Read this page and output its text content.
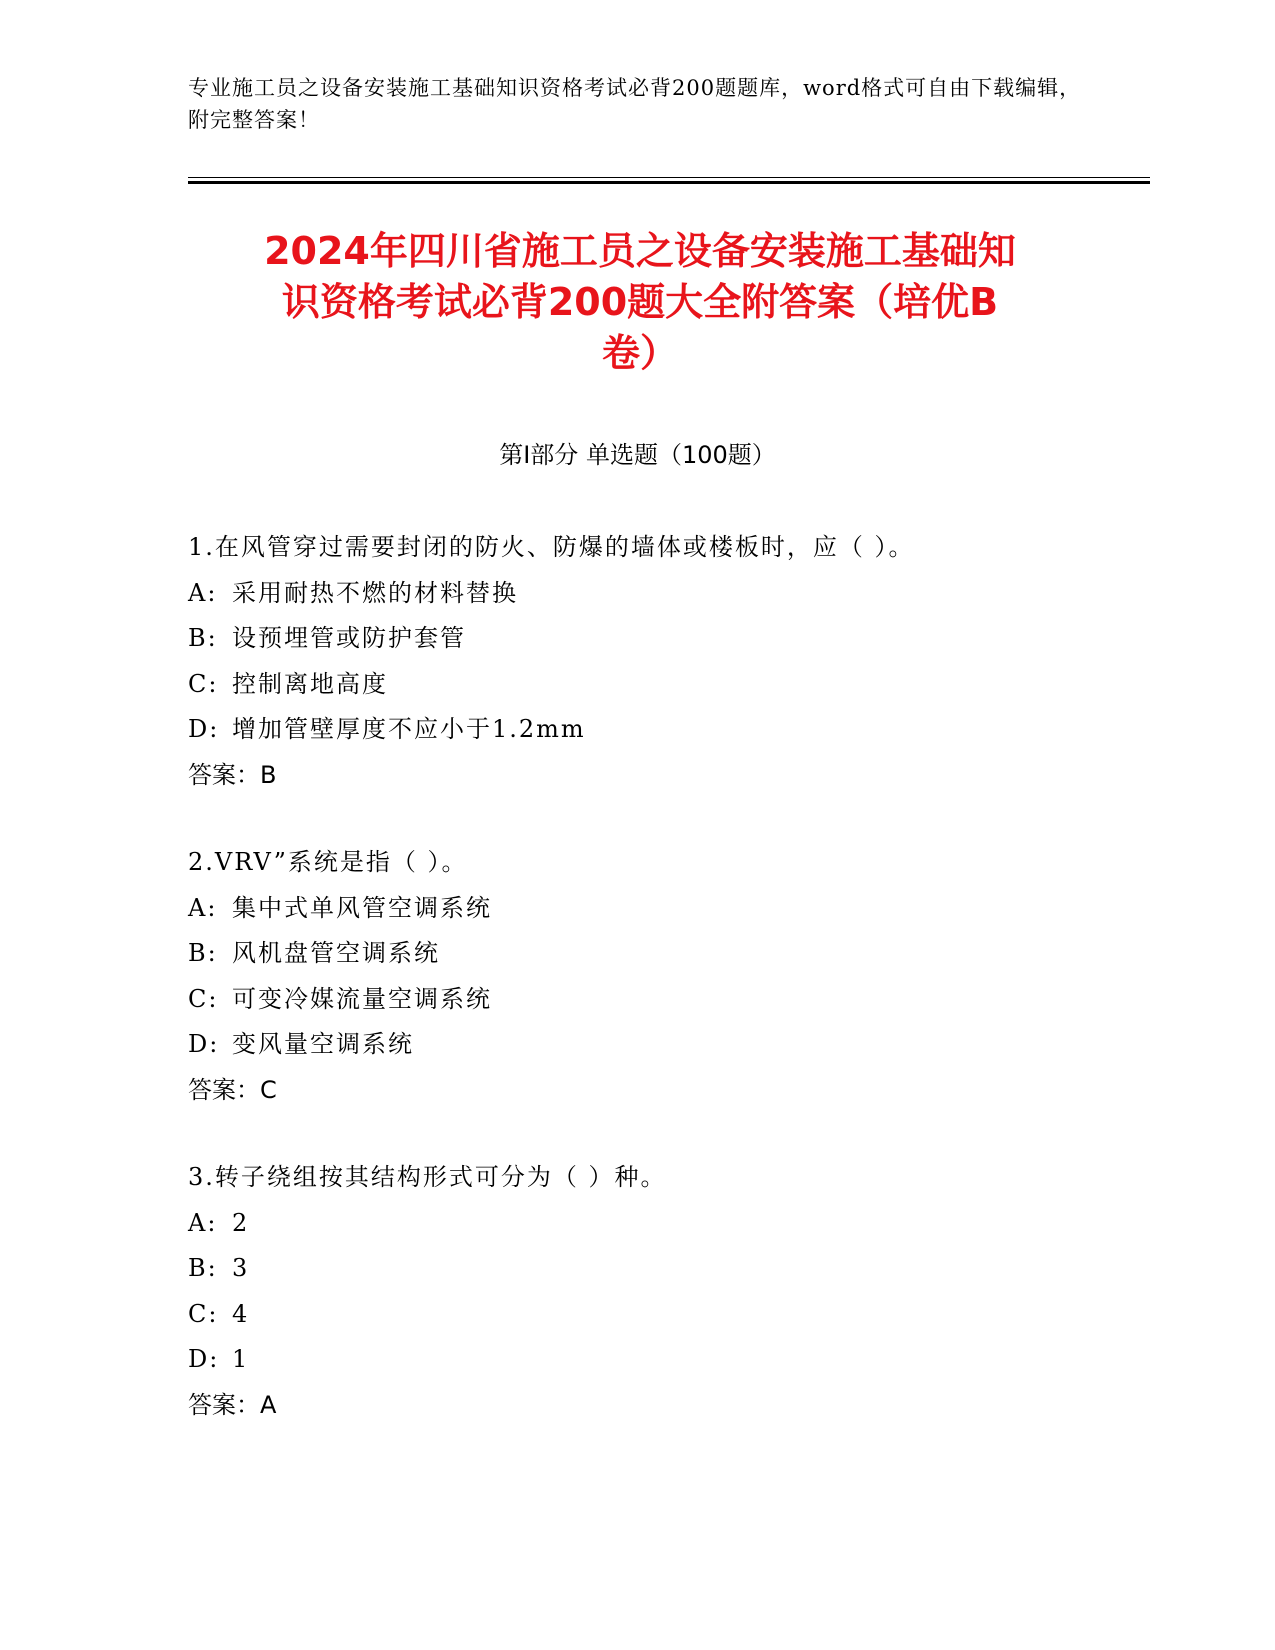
专业施工员之设备安装施工基础知识资格考试必背200题题库，word格式可自由下载编辑，附完整答案！
2024年四川省施工员之设备安装施工基础知
识资格考试必背200题大全附答案（培优B
卷）
第Ⅰ部分 单选题（100题）
1.在风管穿过需要封闭的防火、防爆的墙体或楼板时，应（ ）。
A: 采用耐热不燃的材料替换
B: 设预埋管或防护套管
C: 控制离地高度
D: 增加管壁厚度不应小于1.2mm
答案：B
2.VRV”系统是指（ ）。
A: 集中式单风管空调系统
B: 风机盘管空调系统
C: 可变冷媒流量空调系统
D: 变风量空调系统
答案：C
3.转子绕组按其结构形式可分为（ ）种。
A: 2
B: 3
C: 4
D: 1
答案：A
